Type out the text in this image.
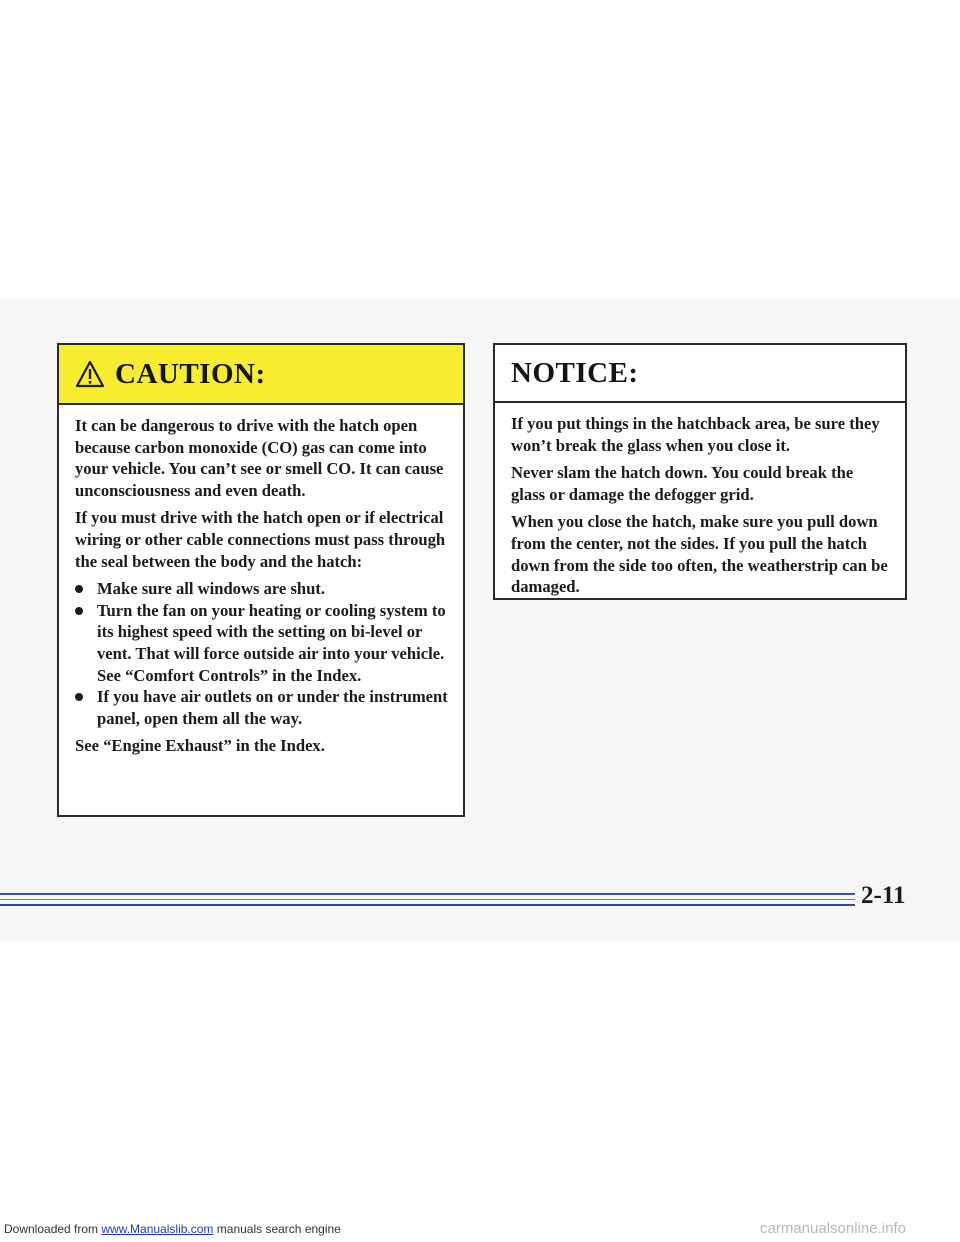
CAUTION:

It can be dangerous to drive with the hatch open because carbon monoxide (CO) gas can come into your vehicle. You can’t see or smell CO. It can cause unconsciousness and even death.

If you must drive with the hatch open or if electrical wiring or other cable connections must pass through the seal between the body and the hatch:

Make sure all windows are shut.
Turn the fan on your heating or cooling system to its highest speed with the setting on bi-level or vent. That will force outside air into your vehicle. See “Comfort Controls” in the Index.
If you have air outlets on or under the instrument panel, open them all the way.

See “Engine Exhaust” in the Index.

NOTICE:

If you put things in the hatchback area, be sure they won’t break the glass when you close it.

Never slam the hatch down. You could break the glass or damage the defogger grid.

When you close the hatch, make sure you pull down from the center, not the sides. If you pull the hatch down from the side too often, the weatherstrip can be damaged.

2-11
Downloaded from www.Manualslib.com manuals search engine	carmanualsonline.info
